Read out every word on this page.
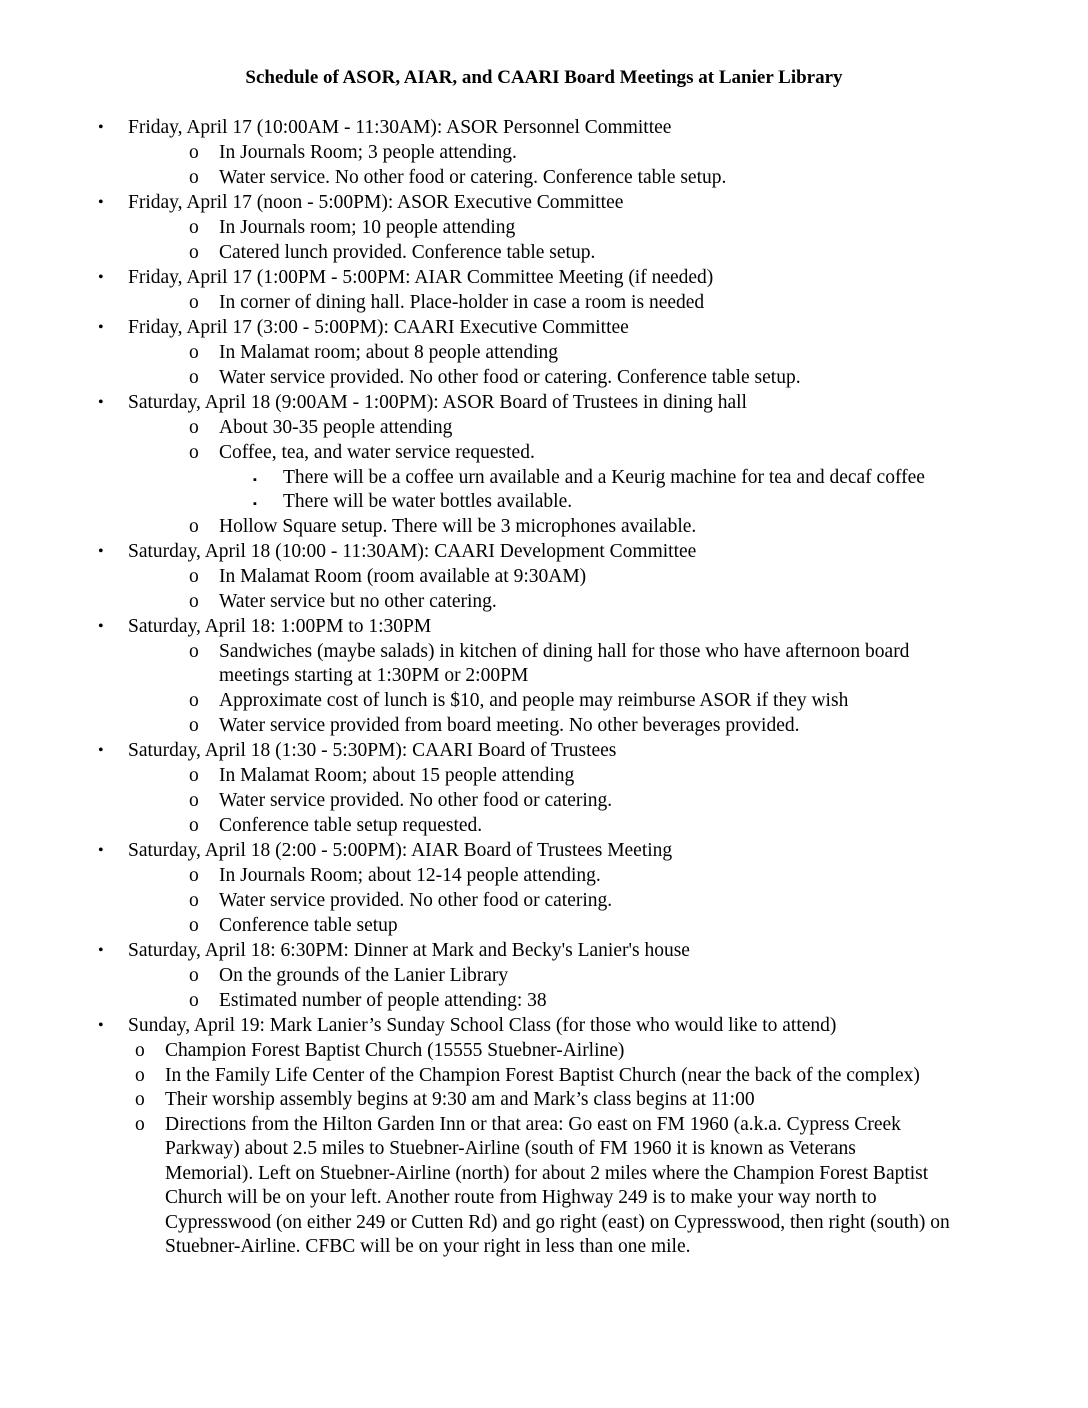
Schedule of ASOR, AIAR, and CAARI Board Meetings at Lanier Library
• Friday, April 17 (10:00AM - 11:30AM): ASOR Personnel Committee
o In Journals Room; 3 people attending.
o Water service. No other food or catering. Conference table setup.
• Friday, April 17 (noon - 5:00PM): ASOR Executive Committee
o In Journals room; 10 people attending
o Catered lunch provided. Conference table setup.
• Friday, April 17 (1:00PM - 5:00PM: AIAR Committee Meeting (if needed)
o In corner of dining hall. Place-holder in case a room is needed
• Friday, April 17 (3:00 - 5:00PM): CAARI Executive Committee
o In Malamat room; about 8 people attending
o Water service provided. No other food or catering. Conference table setup.
• Saturday, April 18 (9:00AM - 1:00PM): ASOR Board of Trustees in dining hall
o About 30-35 people attending
o Coffee, tea, and water service requested.
▪ There will be a coffee urn available and a Keurig machine for tea and decaf coffee
▪ There will be water bottles available.
o Hollow Square setup. There will be 3 microphones available.
• Saturday, April 18 (10:00 - 11:30AM): CAARI Development Committee
o In Malamat Room (room available at 9:30AM)
o Water service but no other catering.
• Saturday, April 18: 1:00PM to 1:30PM
o Sandwiches (maybe salads) in kitchen of dining hall for those who have afternoon board
meetings starting at 1:30PM or 2:00PM
o Approximate cost of lunch is $10, and people may reimburse ASOR if they wish
o Water service provided from board meeting. No other beverages provided.
• Saturday, April 18 (1:30 - 5:30PM): CAARI Board of Trustees
o In Malamat Room; about 15 people attending
o Water service provided. No other food or catering.
o Conference table setup requested.
• Saturday, April 18 (2:00 - 5:00PM): AIAR Board of Trustees Meeting
o In Journals Room; about 12-14 people attending.
o Water service provided. No other food or catering.
o Conference table setup
• Saturday, April 18: 6:30PM: Dinner at Mark and Becky's Lanier's house
o On the grounds of the Lanier Library
o Estimated number of people attending: 38
• Sunday, April 19: Mark Lanier’s Sunday School Class (for those who would like to attend)
o Champion Forest Baptist Church (15555 Stuebner-Airline)
o In the Family Life Center of the Champion Forest Baptist Church (near the back of the complex)
o Their worship assembly begins at 9:30 am and Mark’s class begins at 11:00
o Directions from the Hilton Garden Inn or that area: Go east on FM 1960 (a.k.a. Cypress Creek
Parkway) about 2.5 miles to Stuebner-Airline (south of FM 1960 it is known as Veterans
Memorial). Left on Stuebner-Airline (north) for about 2 miles where the Champion Forest Baptist
Church will be on your left. Another route from Highway 249 is to make your way north to
Cypresswood (on either 249 or Cutten Rd) and go right (east) on Cypresswood, then right (south) on
Stuebner-Airline. CFBC will be on your right in less than one mile.
